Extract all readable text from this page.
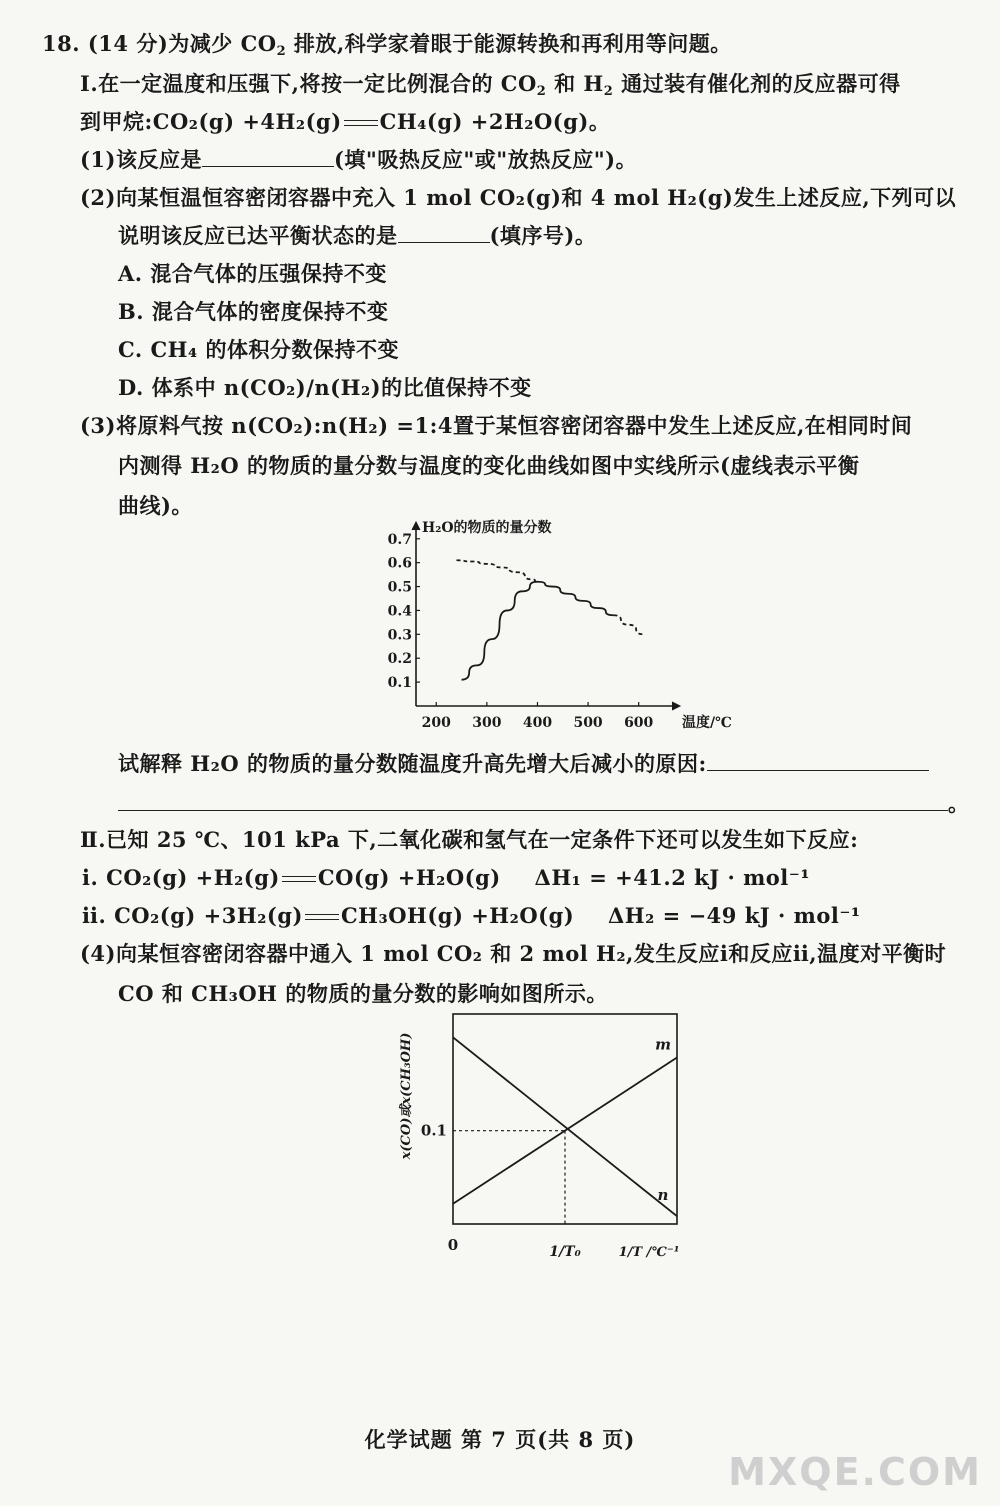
18. (14 分)为减少 $CO_2$ 排放,科学家着眼于能源转换和再利用等问题。
Ⅰ.在一定温度和压强下,将按一定比例混合的 $CO_2$ 和 $H_2$ 通过装有催化剂的反应器可得
到甲烷:CO₂(g) +4H₂(g) CH₄(g) +2H₂O(g)。
(1)该反应是	(填"吸热反应"或"放热反应")。
(2)向某恒温恒容密闭容器中充入 1 mol CO₂(g)和 4 mol H₂(g)发生上述反应,下列可以
说明该反应已达平衡状态的是	(填序号)。
A. 混合气体的压强保持不变
B. 混合气体的密度保持不变
C. CH₄ 的体积分数保持不变
D. 体系中 n(CO₂)/n(H₂)的比值保持不变
(3)将原料气按 n(CO₂):n(H₂) =1:4置于某恒容密闭容器中发生上述反应,在相同时间
内测得 H₂O 的物质的量分数与温度的变化曲线如图中实线所示(虚线表示平衡
曲线)。
0.1
0.2
0.3
0.4
0.5
0.6
0.7
200 300 400 500 600 温度/℃
H₂O的物质的量分数
试解释 H₂O 的物质的量分数随温度升高先增大后减小的原因:
。
Ⅱ.已知 25 ℃、101 kPa 下,二氧化碳和氢气在一定条件下还可以发生如下反应:
ⅰ. CO₂(g) +H₂(g) CO(g) +H₂O(g) ΔH₁ = +41.2 kJ · mol⁻¹
ⅱ. CO₂(g) +3H₂(g) CH₃OH(g) +H₂O(g) ΔH₂ = −49 kJ · mol⁻¹
(4)向某恒容密闭容器中通入 1 mol CO₂ 和 2 mol H₂,发生反应ⅰ和反应ⅱ,温度对平衡时
CO 和 CH₃OH 的物质的量分数的影响如图所示。
m
n
0.1
0	1/T₀	1/T /℃⁻¹
x(CO)或x(CH₃OH)
化学试题 第 7 页(共 8 页)
MXQE.COM
